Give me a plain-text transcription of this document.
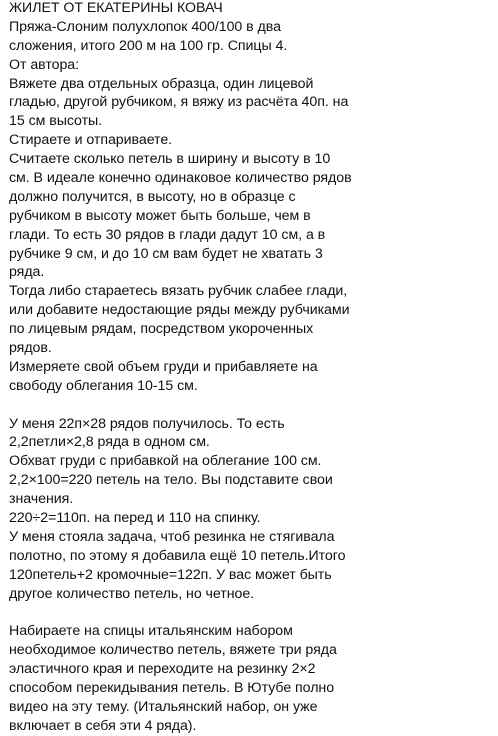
ЖИЛЕТ ОТ ЕКАТЕРИНЫ КОВАЧ
Пряжа-Слоним полухлопок 400/100 в два
сложения, итого 200 м на 100 гр. Спицы 4.
От автора:
Вяжете два отдельных образца, один лицевой
гладью, другой рубчиком, я вяжу из расчёта 40п. на
15 см высоты.
Стираете и отпариваете.
Считаете сколько петель в ширину и высоту в 10
см. В идеале конечно одинаковое количество рядов
должно получится, в высоту, но в образце с
рубчиком в высоту может быть больше, чем в
глади. То есть 30 рядов в глади дадут 10 см, а в
рубчике 9 см, и до 10 см вам будет не хватать 3
ряда.
Тогда либо стараетесь вязать рубчик слабее глади,
или добавите недостающие ряды между рубчиками
по лицевым рядам, посредством укороченных
рядов.
Измеряете свой объем груди и прибавляете на
свободу облегания 10-15 см.
У меня 22п×28 рядов получилось. То есть
2,2петли×2,8 ряда в одном см.
Обхват груди с прибавкой на облегание 100 см.
2,2×100=220 петель на тело. Вы подставите свои
значения.
220÷2=110п. на перед и 110 на спинку.
У меня стояла задача, чтоб резинка не стягивала
полотно, по этому я добавила ещё 10 петель.Итого
120петель+2 кромочные=122п. У вас может быть
другое количество петель, но четное.
Набираете на спицы итальянским набором
необходимое количество петель, вяжете три ряда
эластичного края и переходите на резинку 2×2
способом перекидывания петель. В Ютубе полно
видео на эту тему. (Итальянский набор, он уже
включает в себя эти 4 ряда).
